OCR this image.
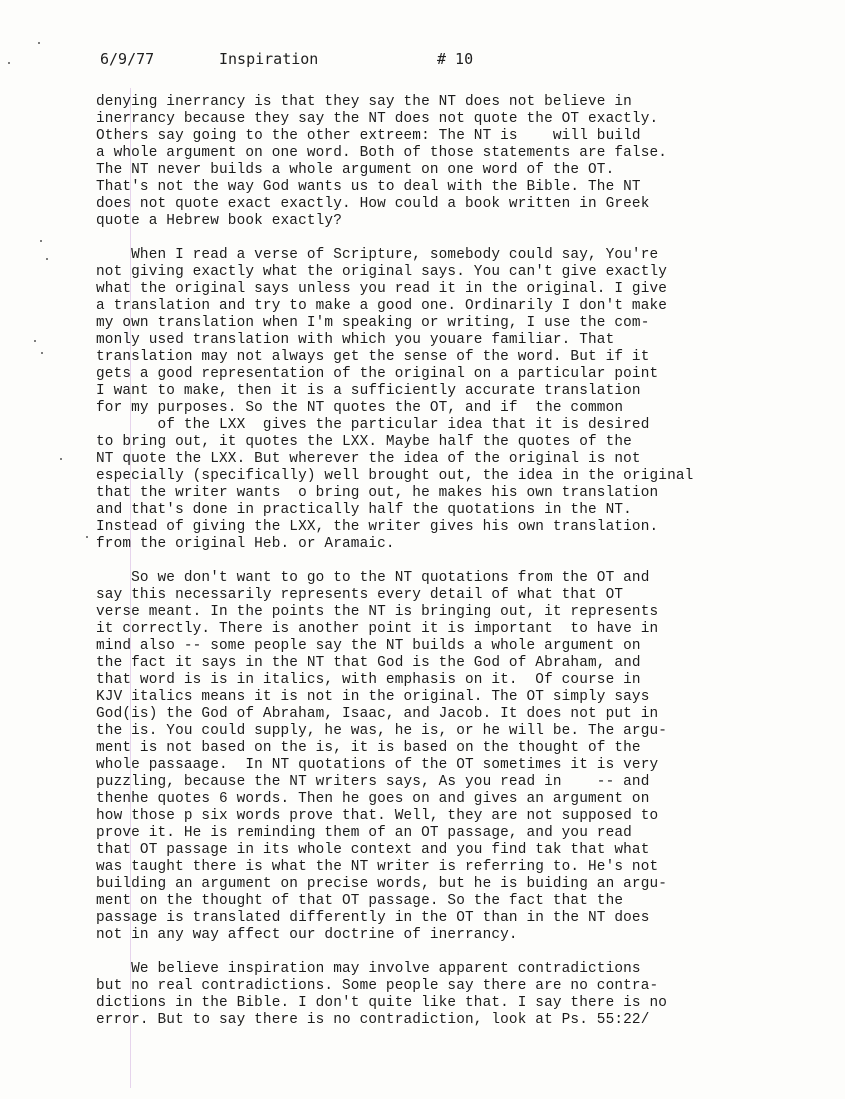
6/9/77	Inspiration	# 10
denying inerrancy is that they say the NT does not believe in
inerrancy because they say the NT does not quote the OT exactly.
Others say going to the other extreem: The NT is    will build
a whole argument on one word. Both of those statements are false.
The NT never builds a whole argument on one word of the OT.
That's not the way God wants us to deal with the Bible. The NT
does not quote exact exactly. How could a book written in Greek
quote a Hebrew book exactly?
When I read a verse of Scripture, somebody could say, You're
not giving exactly what the original says. You can't give exactly
what the original says unless you read it in the original. I give
a translation and try to make a good one. Ordinarily I don't make
my own translation when I'm speaking or writing, I use the com-
monly used translation with which you youare familiar. That
translation may not always get the sense of the word. But if it
gets a good representation of the original on a particular point
I want to make, then it is a sufficiently accurate translation
for my purposes. So the NT quotes the OT, and if  the common
of the LXX  gives the particular idea that it is desired
to bring out, it quotes the LXX. Maybe half the quotes of the
NT quote the LXX. But wherever the idea of the original is not
especially (specifically) well brought out, the idea in the original
that the writer wants  o bring out, he makes his own translation
and that's done in practically half the quotations in the NT.
Instead of giving the LXX, the writer gives his own translation.
from the original Heb. or Aramaic.
So we don't want to go to the NT quotations from the OT and
say this necessarily represents every detail of what that OT
verse meant. In the points the NT is bringing out, it represents
it correctly. There is another point it is important  to have in
mind also -- some people say the NT builds a whole argument on
the fact it says in the NT that God is the God of Abraham, and
that word is is in italics, with emphasis on it.  Of course in
KJV italics means it is not in the original. The OT simply says
God(is) the God of Abraham, Isaac, and Jacob. It does not put in
the is. You could supply, he was, he is, or he will be. The argu-
ment is not based on the is, it is based on the thought of the
whole passaage.  In NT quotations of the OT sometimes it is very
puzzling, because the NT writers says, As you read in    -- and
thenhe quotes 6 words. Then he goes on and gives an argument on
how those p six words prove that. Well, they are not supposed to
prove it. He is reminding them of an OT passage, and you read
that OT passage in its whole context and you find tak that what
was taught there is what the NT writer is referring to. He's not
building an argument on precise words, but he is buiding an argu-
ment on the thought of that OT passage. So the fact that the
passage is translated differently in the OT than in the NT does
not in any way affect our doctrine of inerrancy.
We believe inspiration may involve apparent contradictions
but no real contradictions. Some people say there are no contra-
dictions in the Bible. I don't quite like that. I say there is no
error. But to say there is no contradiction, look at Ps. 55:22/
